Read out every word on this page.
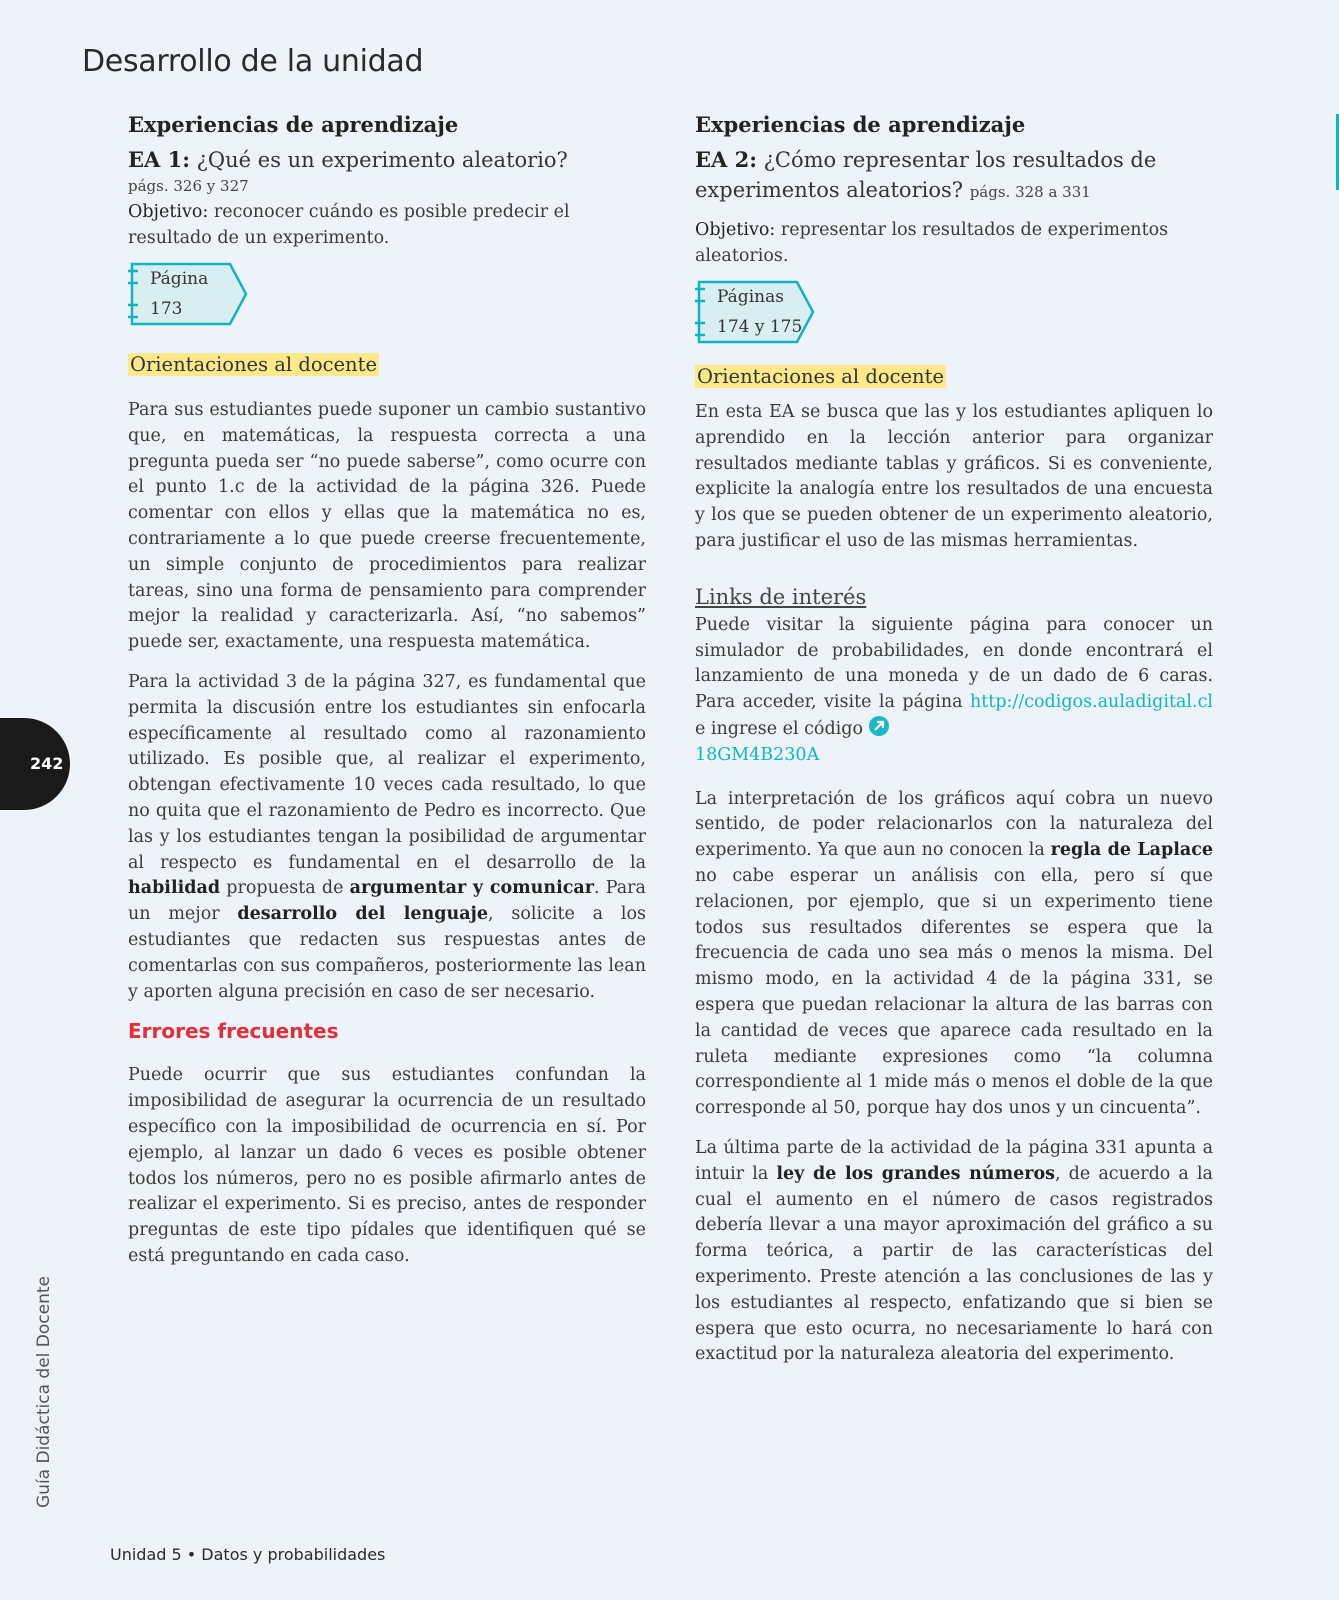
Desarrollo de la unidad
Experiencias de aprendizaje
EA 1: ¿Qué es un experimento aleatorio?
págs. 326 y 327
Objetivo: reconocer cuándo es posible predecir el resultado de un experimento.
Página
173
Orientaciones al docente

Para sus estudiantes puede suponer un cambio sustantivo que, en matemáticas, la respuesta correcta a una pregunta pueda ser “no puede saberse”, como ocurre con el punto 1.c de la actividad de la página 326. Puede comentar con ellos y ellas que la matemática no es, contrariamente a lo que puede creerse frecuentemente, un simple conjunto de procedimientos para realizar tareas, sino una forma de pensamiento para comprender mejor la realidad y caracterizarla. Así, “no sabemos” puede ser, exactamente, una respuesta matemática.

Para la actividad 3 de la página 327, es fundamental que permita la discusión entre los estudiantes sin enfocarla específicamente al resultado como al razonamiento utilizado. Es posible que, al realizar el experimento, obtengan efectivamente 10 veces cada resultado, lo que no quita que el razonamiento de Pedro es incorrecto. Que las y los estudiantes tengan la posibilidad de argumentar al respecto es fundamental en el desarrollo de la habilidad propuesta de argumentar y comunicar. Para un mejor desarrollo del lenguaje, solicite a los estudiantes que redacten sus respuestas antes de comentarlas con sus compañeros, posteriormente las lean y aporten alguna precisión en caso de ser necesario.

Errores frecuentes

Puede ocurrir que sus estudiantes confundan la imposibilidad de asegurar la ocurrencia de un resultado específico con la imposibilidad de ocurrencia en sí. Por ejemplo, al lanzar un dado 6 veces es posible obtener todos los números, pero no es posible afirmarlo antes de realizar el experimento. Si es preciso, antes de responder preguntas de este tipo pídales que identifiquen qué se está preguntando en cada caso.

Experiencias de aprendizaje
EA 2: ¿Cómo representar los resultados de experimentos aleatorios? págs. 328 a 331
Objetivo: representar los resultados de experimentos aleatorios.
Páginas
174 y 175
Orientaciones al docente

En esta EA se busca que las y los estudiantes apliquen lo aprendido en la lección anterior para organizar resultados mediante tablas y gráficos. Si es conveniente, explicite la analogía entre los resultados de una encuesta y los que se pueden obtener de un experimento aleatorio, para justificar el uso de las mismas herramientas.

Links de interés

Puede visitar la siguiente página para conocer un simulador de probabilidades, en donde encontrará el lanzamiento de una moneda y de un dado de 6 caras. Para acceder, visite la página http://codigos.auladigital.cl e ingrese el código
18GM4B230A

La interpretación de los gráficos aquí cobra un nuevo sentido, de poder relacionarlos con la naturaleza del experimento. Ya que aun no conocen la regla de Laplace no cabe esperar un análisis con ella, pero sí que relacionen, por ejemplo, que si un experimento tiene todos sus resultados diferentes se espera que la frecuencia de cada uno sea más o menos la misma. Del mismo modo, en la actividad 4 de la página 331, se espera que puedan relacionar la altura de las barras con la cantidad de veces que aparece cada resultado en la ruleta mediante expresiones como “la columna correspondiente al 1 mide más o menos el doble de la que corresponde al 50, porque hay dos unos y un cincuenta”.

La última parte de la actividad de la página 331 apunta a intuir la ley de los grandes números, de acuerdo a la cual el aumento en el número de casos registrados debería llevar a una mayor aproximación del gráfico a su forma teórica, a partir de las características del experimento. Preste atención a las conclusiones de las y los estudiantes al respecto, enfatizando que si bien se espera que esto ocurra, no necesariamente lo hará con exactitud por la naturaleza aleatoria del experimento.

242
Guía Didáctica del Docente
Unidad 5 • Datos y probabilidades
